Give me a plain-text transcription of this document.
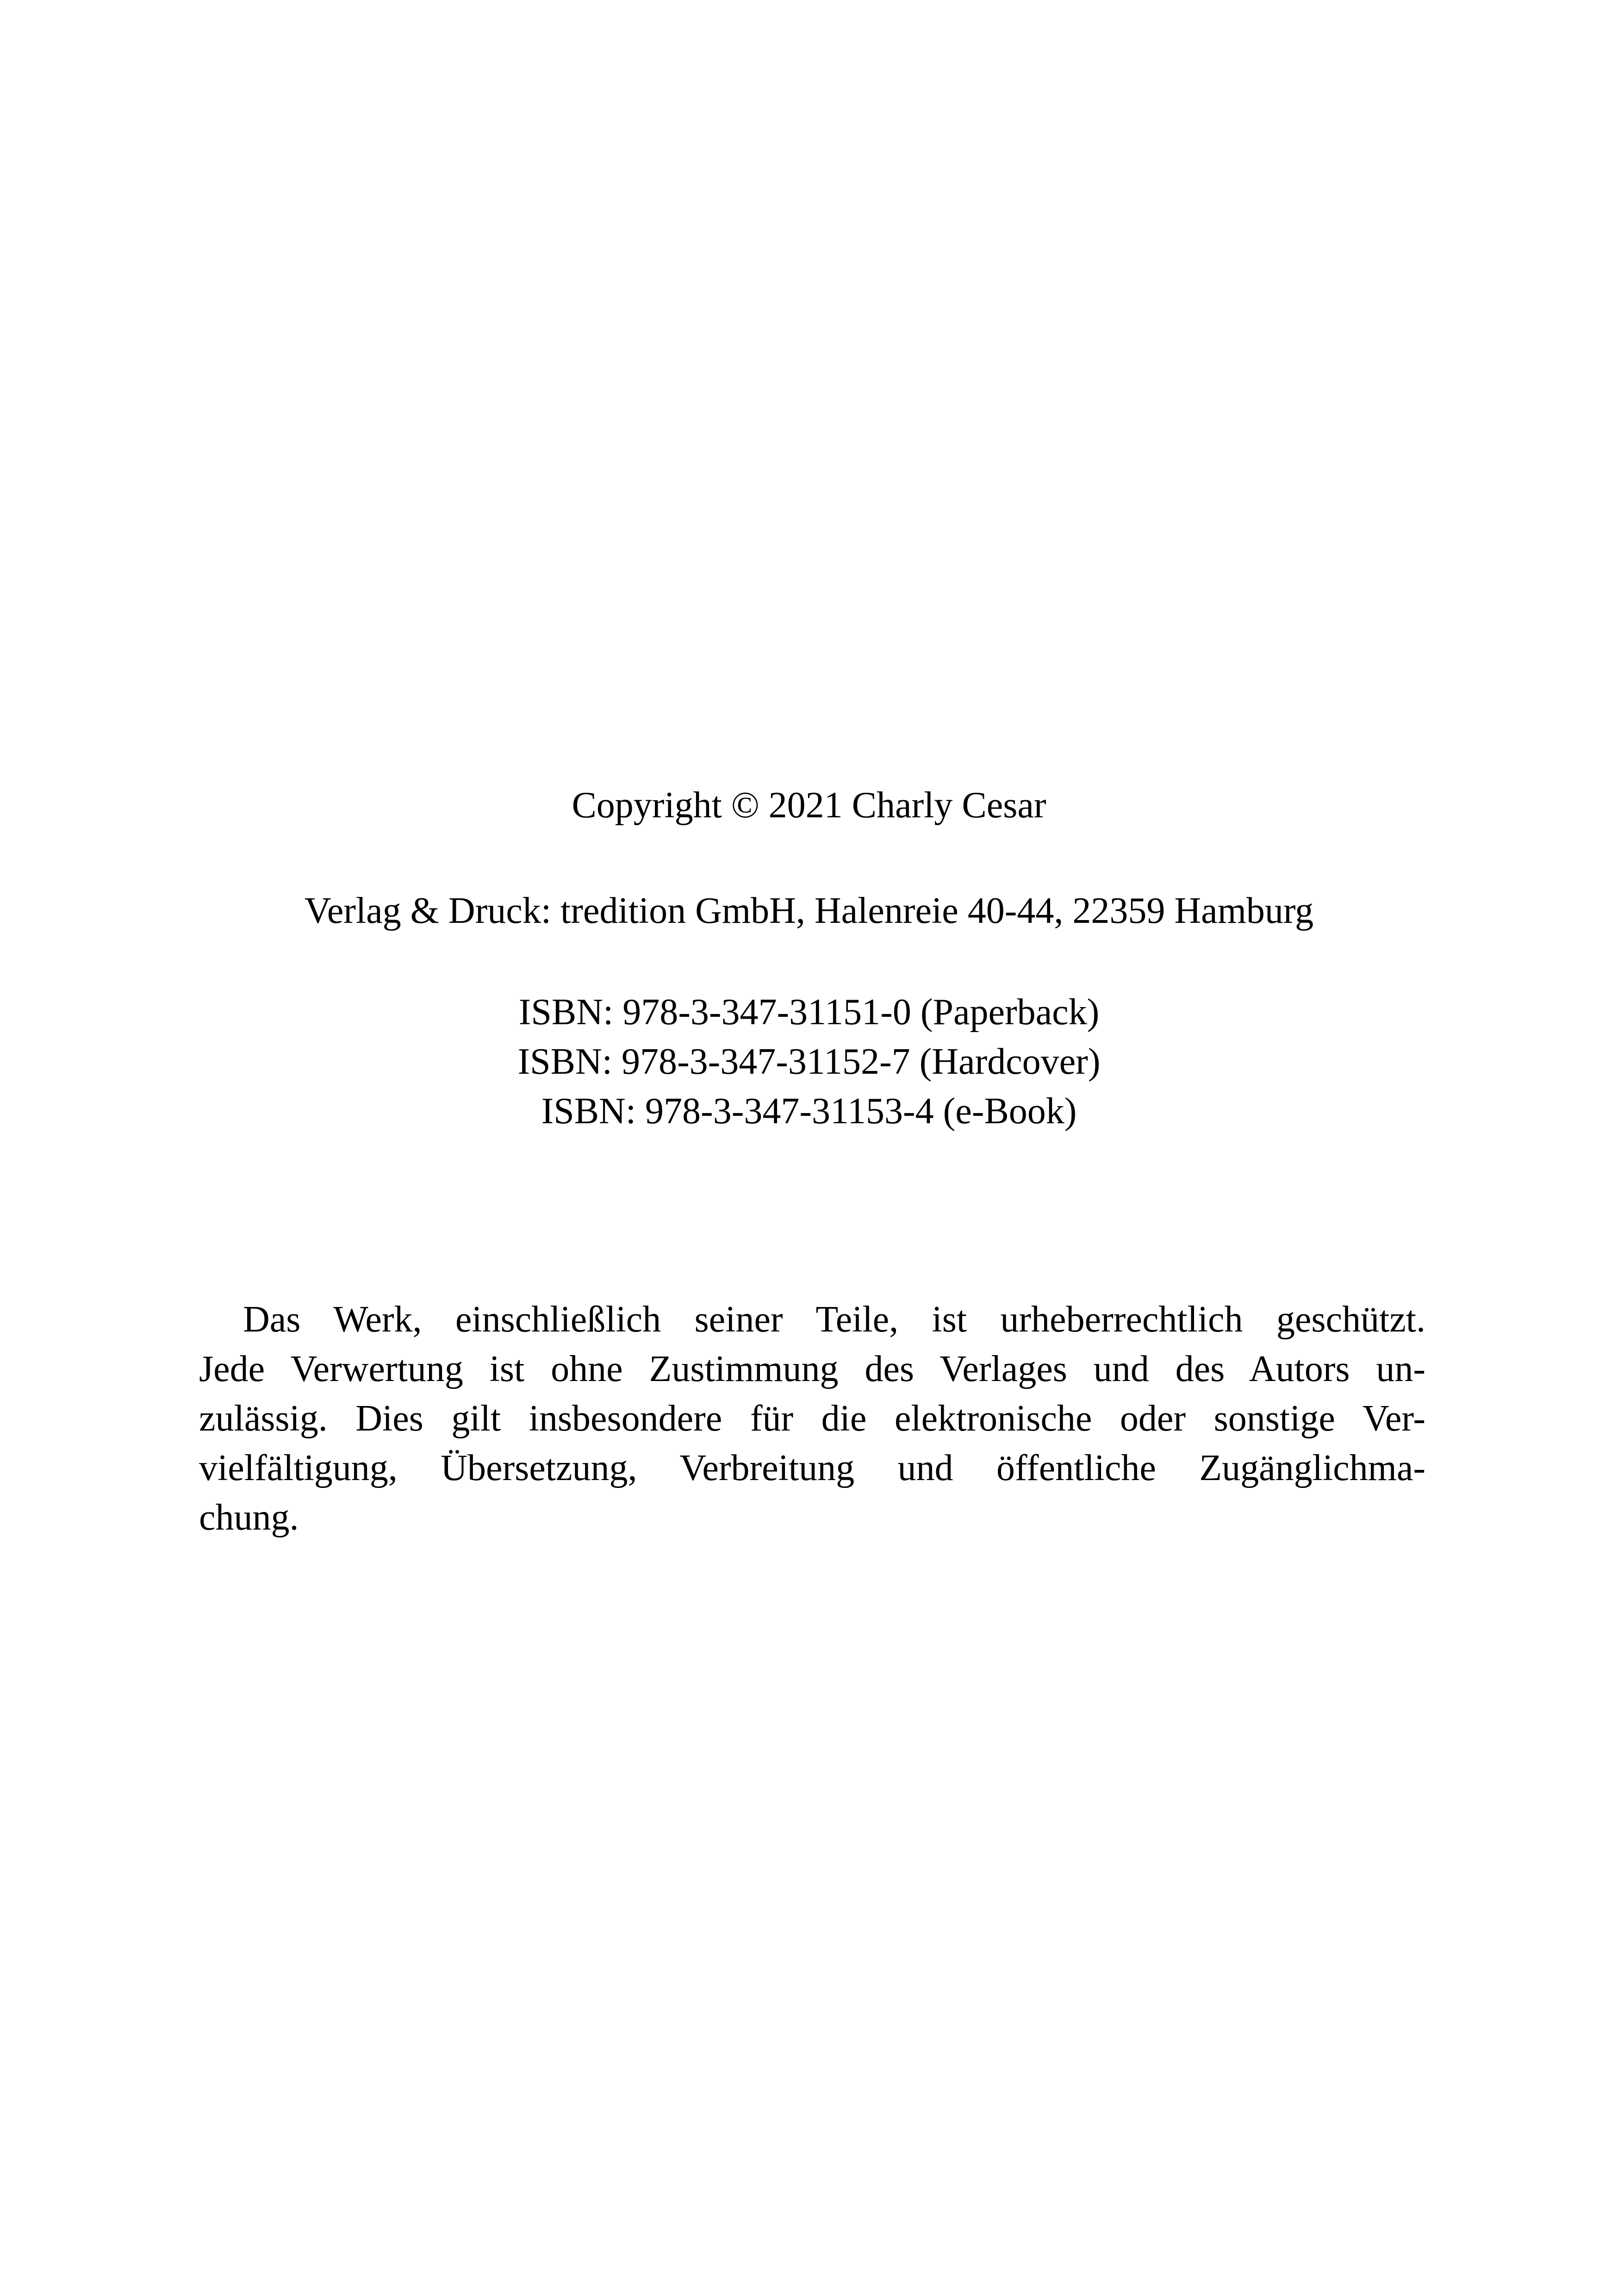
Copyright © 2021 Charly Cesar
Verlag & Druck: tredition GmbH, Halenreie 40-44, 22359 Hamburg
ISBN: 978-3-347-31151-0 (Paperback)
ISBN: 978-3-347-31152-7 (Hardcover)
ISBN: 978-3-347-31153-4 (e-Book)
Das Werk, einschließlich seiner Teile, ist urheberrechtlich geschützt.
Jede Verwertung ist ohne Zustimmung des Verlages und des Autors un-
zulässig. Dies gilt insbesondere für die elektronische oder sonstige Ver-
vielfältigung, Übersetzung, Verbreitung und öffentliche Zugänglichma-
chung.
